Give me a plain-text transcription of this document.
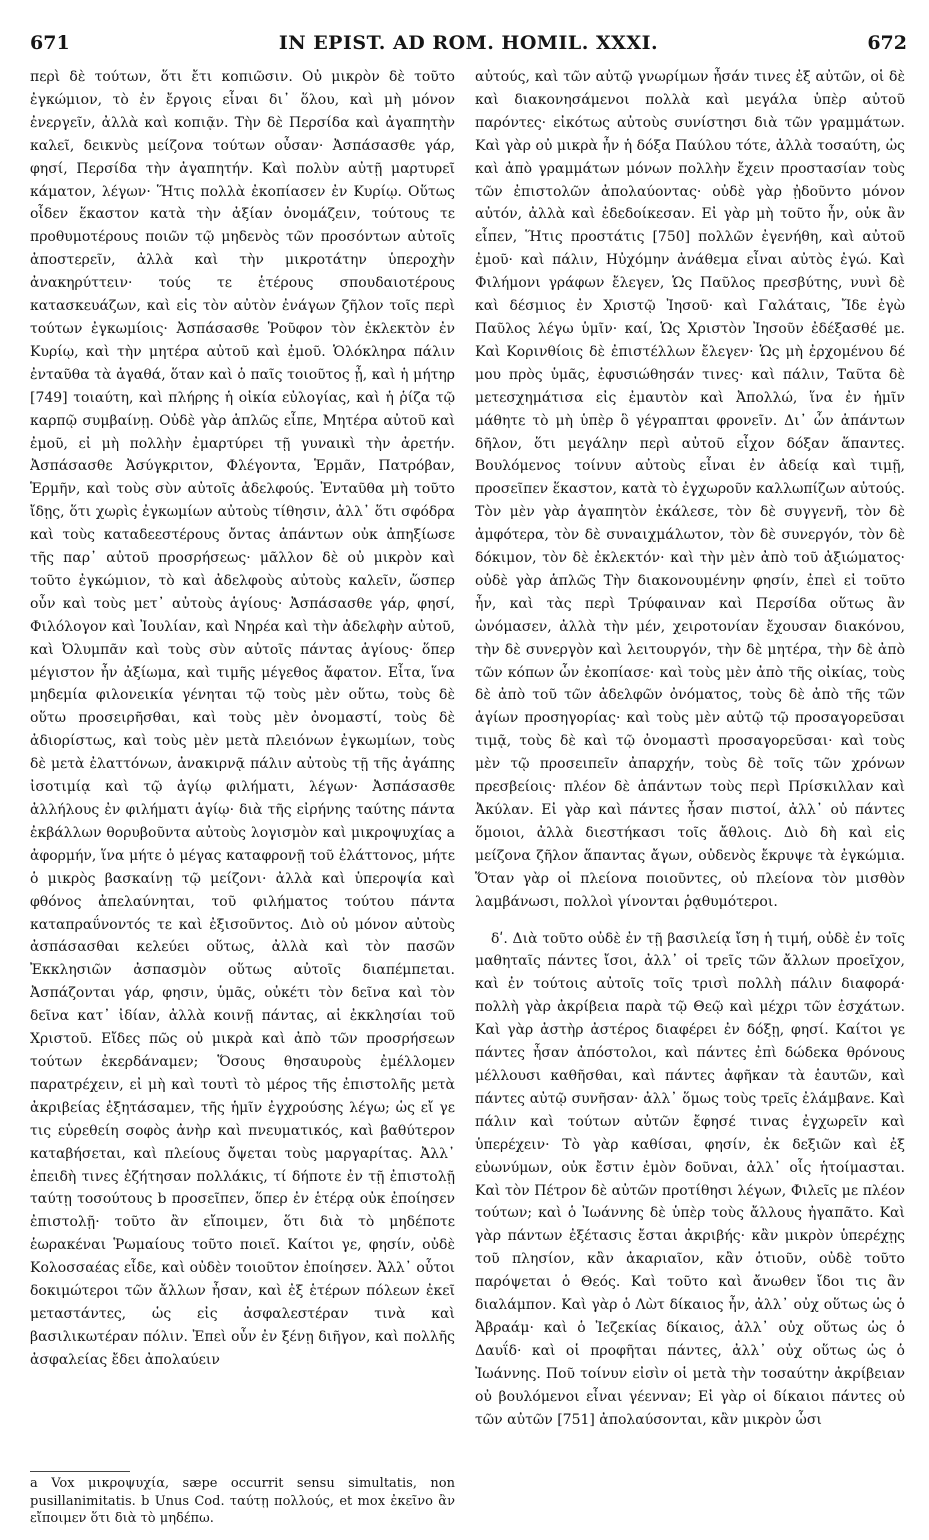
671	IN EPIST. AD ROM. HOMIL. XXXI.	672

περὶ δὲ τούτων, ὅτι ἔτι κοπιῶσιν. Οὐ μικρὸν δὲ τοῦτο ἐγκώμιον, τὸ ἐν ἔργοις εἶναι δι᾽ ὅλου, καὶ μὴ μόνον ἐνεργεῖν, ἀλλὰ καὶ κοπιᾷν. Τὴν δὲ Περσίδα καὶ ἀγαπητὴν καλεῖ, δεικνὺς μείζονα τούτων οὖσαν· Ἀσπάσασθε γάρ, φησί, Περσίδα τὴν ἀγαπητήν. Καὶ πολὺν αὐτῇ μαρτυρεῖ κάματον, λέγων· Ἥτις πολλὰ ἐκοπίασεν ἐν Κυρίῳ. Οὕτως οἶδεν ἕκαστον κατὰ τὴν ἀξίαν ὀνομάζειν, τούτους τε προθυμοτέρους ποιῶν τῷ μηδενὸς τῶν προσόντων αὐτοῖς ἀποστερεῖν, ἀλλὰ καὶ τὴν μικροτάτην ὑπεροχὴν ἀνακηρύττειν· τούς τε ἑτέρους σπουδαιοτέρους κατασκευάζων, καὶ εἰς τὸν αὐτὸν ἐνάγων ζῆλον τοῖς περὶ τούτων ἐγκωμίοις· Ἀσπάσασθε Ῥοῦφον τὸν ἐκλεκτὸν ἐν Κυρίῳ, καὶ τὴν μητέρα αὐτοῦ καὶ ἐμοῦ. Ὁλόκληρα πάλιν ἐνταῦθα τὰ ἀγαθά, ὅταν καὶ ὁ παῖς τοιοῦτος ᾖ, καὶ ἡ μήτηρ [749] τοιαύτη, καὶ πλήρης ἡ οἰκία εὐλογίας, καὶ ἡ ῥίζα τῷ καρπῷ συμβαίνῃ. Οὐδὲ γὰρ ἁπλῶς εἶπε, Μητέρα αὐτοῦ καὶ ἐμοῦ, εἰ μὴ πολλὴν ἐμαρτύρει τῇ γυναικὶ τὴν ἀρετήν. Ἀσπάσασθε Ἀσύγκριτον, Φλέγοντα, Ἑρμᾶν, Πατρόβαν, Ἑρμῆν, καὶ τοὺς σὺν αὐτοῖς ἀδελφούς. Ἐνταῦθα μὴ τοῦτο ἴδῃς, ὅτι χωρὶς ἐγκωμίων αὐτοὺς τίθησιν, ἀλλ᾽ ὅτι σφόδρα καὶ τοὺς καταδεεστέρους ὄντας ἁπάντων οὐκ ἀπηξίωσε τῆς παρ᾽ αὐτοῦ προσρήσεως· μᾶλλον δὲ οὐ μικρὸν καὶ τοῦτο ἐγκώμιον, τὸ καὶ ἀδελφοὺς αὐτοὺς καλεῖν, ὥσπερ οὖν καὶ τοὺς μετ᾽ αὐτοὺς ἁγίους· Ἀσπάσασθε γάρ, φησί, Φιλόλογον καὶ Ἰουλίαν, καὶ Νηρέα καὶ τὴν ἀδελφὴν αὐτοῦ, καὶ Ὀλυμπᾶν καὶ τοὺς σὺν αὐτοῖς πάντας ἁγίους· ὅπερ μέγιστον ἦν ἀξίωμα, καὶ τιμῆς μέγεθος ἄφατον. Εἶτα, ἵνα μηδεμία φιλονεικία γένηται τῷ τοὺς μὲν οὕτω, τοὺς δὲ οὕτω προσειρῆσθαι, καὶ τοὺς μὲν ὀνομαστί, τοὺς δὲ ἀδιορίστως, καὶ τοὺς μὲν μετὰ πλειόνων ἐγκωμίων, τοὺς δὲ μετὰ ἐλαττόνων, ἀνακιρνᾷ πάλιν αὐτοὺς τῇ τῆς ἀγάπης ἰσοτιμίᾳ καὶ τῷ ἁγίῳ φιλήματι, λέγων· Ἀσπάσασθε ἀλλήλους ἐν φιλήματι ἁγίῳ· διὰ τῆς εἰρήνης ταύτης πάντα ἐκβάλλων θορυβοῦντα αὐτοὺς λογισμὸν καὶ μικροψυχίας a ἀφορμήν, ἵνα μήτε ὁ μέγας καταφρονῇ τοῦ ἐλάττονος, μήτε ὁ μικρὸς βασκαίνῃ τῷ μείζονι· ἀλλὰ καὶ ὑπεροψία καὶ φθόνος ἀπελαύνηται, τοῦ φιλήματος τούτου πάντα καταπραΰνοντός τε καὶ ἐξισοῦντος. Διὸ οὐ μόνον αὐτοὺς ἀσπάσασθαι κελεύει οὕτως, ἀλλὰ καὶ τὸν πασῶν Ἐκκλησιῶν ἀσπασμὸν οὕτως αὐτοῖς διαπέμπεται. Ἀσπάζονται γάρ, φησιν, ὑμᾶς, οὐκέτι τὸν δεῖνα καὶ τὸν δεῖνα κατ᾽ ἰδίαν, ἀλλὰ κοινῇ πάντας, αἱ ἐκκλησίαι τοῦ Χριστοῦ. Εἴδες πῶς οὐ μικρὰ καὶ ἀπὸ τῶν προσρήσεων τούτων ἐκερδάναμεν; Ὅσους θησαυροὺς ἐμέλλομεν παρατρέχειν, εἰ μὴ καὶ τουτὶ τὸ μέρος τῆς ἐπιστολῆς μετὰ ἀκριβείας ἐξητάσαμεν, τῆς ἡμῖν ἐγχρούσης λέγω; ὡς εἴ γε τις εὑρεθείη σοφὸς ἀνὴρ καὶ πνευματικός, καὶ βαθύτερον καταβήσεται, καὶ πλείους ὄψεται τοὺς μαργαρίτας. Ἀλλ᾽ ἐπειδὴ τινες ἐζήτησαν πολλάκις, τί δήποτε ἐν τῇ ἐπιστολῇ ταύτῃ τοσούτους b προσεῖπεν, ὅπερ ἐν ἑτέρᾳ οὐκ ἐποίησεν ἐπιστολῇ· τοῦτο ἂν εἴποιμεν, ὅτι διὰ τὸ μηδέποτε ἑωρακέναι Ῥωμαίους τοῦτο ποιεῖ. Καίτοι γε, φησίν, οὐδὲ Κολοσσαέας εἶδε, καὶ οὐδὲν τοιοῦτον ἐποίησεν. Ἀλλ᾽ οὗτοι δοκιμώτεροι τῶν ἄλλων ἦσαν, καὶ ἐξ ἑτέρων πόλεων ἐκεῖ μεταστάντες, ὡς εἰς ἀσφαλεστέραν τινὰ καὶ βασιλικωτέραν πόλιν. Ἐπεὶ οὖν ἐν ξένῃ διῆγον, καὶ πολλῆς ἀσφαλείας ἔδει ἀπολαύειν

αὐτούς, καὶ τῶν αὐτῷ γνωρίμων ἦσάν τινες ἐξ αὐτῶν, οἱ δὲ καὶ διακονησάμενοι πολλὰ καὶ μεγάλα ὑπὲρ αὐτοῦ παρόντες· εἰκότως αὐτοὺς συνίστησι διὰ τῶν γραμμάτων. Καὶ γὰρ οὐ μικρὰ ἦν ἡ δόξα Παύλου τότε, ἀλλὰ τοσαύτη, ὡς καὶ ἀπὸ γραμμάτων μόνων πολλὴν ἔχειν προστασίαν τοὺς τῶν ἐπιστολῶν ἀπολαύοντας· οὐδὲ γὰρ ᾐδοῦντο μόνον αὐτόν, ἀλλὰ καὶ ἐδεδοίκεσαν. Εἰ γὰρ μὴ τοῦτο ἦν, οὐκ ἂν εἶπεν, Ἥτις προστάτις [750] πολλῶν ἐγενήθη, καὶ αὐτοῦ ἐμοῦ· καὶ πάλιν, Ηὐχόμην ἀνάθεμα εἶναι αὐτὸς ἐγώ. Καὶ Φιλήμονι γράφων ἔλεγεν, Ὡς Παῦλος πρεσβύτης, νυνὶ δὲ καὶ δέσμιος ἐν Χριστῷ Ἰησοῦ· καὶ Γαλάταις, Ἴδε ἐγὼ Παῦλος λέγω ὑμῖν· καί, Ὡς Χριστὸν Ἰησοῦν ἐδέξασθέ με. Καὶ Κορινθίοις δὲ ἐπιστέλλων ἔλεγεν· Ὡς μὴ ἐρχομένου δέ μου πρὸς ὑμᾶς, ἐφυσιώθησάν τινες· καὶ πάλιν, Ταῦτα δὲ μετεσχημάτισα εἰς ἐμαυτὸν καὶ Ἀπολλώ, ἵνα ἐν ἡμῖν μάθητε τὸ μὴ ὑπὲρ ὃ γέγραπται φρονεῖν. Δι᾽ ὧν ἁπάντων δῆλον, ὅτι μεγάλην περὶ αὐτοῦ εἶχον δόξαν ἅπαντες. Βουλόμενος τοίνυν αὐτοὺς εἶναι ἐν ἀδείᾳ καὶ τιμῇ, προσεῖπεν ἕκαστον, κατὰ τὸ ἐγχωροῦν καλλωπίζων αὐτούς. Τὸν μὲν γὰρ ἀγαπητὸν ἐκάλεσε, τὸν δὲ συγγενῆ, τὸν δὲ ἀμφότερα, τὸν δὲ συναιχμάλωτον, τὸν δὲ συνεργόν, τὸν δὲ δόκιμον, τὸν δὲ ἐκλεκτόν· καὶ τὴν μὲν ἀπὸ τοῦ ἀξιώματος· οὐδὲ γὰρ ἁπλῶς Τὴν διακονουμένην φησίν, ἐπεὶ εἰ τοῦτο ἦν, καὶ τὰς περὶ Τρύφαιναν καὶ Περσίδα οὕτως ἂν ὠνόμασεν, ἀλλὰ τὴν μέν, χειροτονίαν ἔχουσαν διακόνου, τὴν δὲ συνεργὸν καὶ λειτουργόν, τὴν δὲ μητέρα, τὴν δὲ ἀπὸ τῶν κόπων ὧν ἐκοπίασε· καὶ τοὺς μὲν ἀπὸ τῆς οἰκίας, τοὺς δὲ ἀπὸ τοῦ τῶν ἀδελφῶν ὀνόματος, τοὺς δὲ ἀπὸ τῆς τῶν ἁγίων προσηγορίας· καὶ τοὺς μὲν αὐτῷ τῷ προσαγορεῦσαι τιμᾷ, τοὺς δὲ καὶ τῷ ὀνομαστὶ προσαγορεῦσαι· καὶ τοὺς μὲν τῷ προσειπεῖν ἀπαρχήν, τοὺς δὲ τοῖς τῶν χρόνων πρεσβείοις· πλέον δὲ ἁπάντων τοὺς περὶ Πρίσκιλλαν καὶ Ἀκύλαν. Εἰ γὰρ καὶ πάντες ἦσαν πιστοί, ἀλλ᾽ οὐ πάντες ὅμοιοι, ἀλλὰ διεστήκασι τοῖς ἄθλοις. Διὸ δὴ καὶ εἰς μείζονα ζῆλον ἅπαντας ἄγων, οὐδενὸς ἔκρυψε τὰ ἐγκώμια. Ὅταν γὰρ οἱ πλείονα ποιοῦντες, οὐ πλείονα τὸν μισθὸν λαμβάνωσι, πολλοὶ γίνονται ῥᾳθυμότεροι.

δʹ. Διὰ τοῦτο οὐδὲ ἐν τῇ βασιλείᾳ ἴση ἡ τιμή, οὐδὲ ἐν τοῖς μαθηταῖς πάντες ἴσοι, ἀλλ᾽ οἱ τρεῖς τῶν ἄλλων προεῖχον, καὶ ἐν τούτοις αὐτοῖς τοῖς τρισὶ πολλὴ πάλιν διαφορά· πολλὴ γὰρ ἀκρίβεια παρὰ τῷ Θεῷ καὶ μέχρι τῶν ἐσχάτων. Καὶ γὰρ ἀστὴρ ἀστέρος διαφέρει ἐν δόξῃ, φησί. Καίτοι γε πάντες ἦσαν ἀπόστολοι, καὶ πάντες ἐπὶ δώδεκα θρόνους μέλλουσι καθῆσθαι, καὶ πάντες ἀφῆκαν τὰ ἑαυτῶν, καὶ πάντες αὐτῷ συνῆσαν· ἀλλ᾽ ὅμως τοὺς τρεῖς ἐλάμβανε. Καὶ πάλιν καὶ τούτων αὐτῶν ἔφησέ τινας ἐγχωρεῖν καὶ ὑπερέχειν· Τὸ γὰρ καθίσαι, φησίν, ἐκ δεξιῶν καὶ ἐξ εὐωνύμων, οὐκ ἔστιν ἐμὸν δοῦναι, ἀλλ᾽ οἷς ἡτοίμασται. Καὶ τὸν Πέτρον δὲ αὐτῶν προτίθησι λέγων, Φιλεῖς με πλέον τούτων; καὶ ὁ Ἰωάννης δὲ ὑπὲρ τοὺς ἄλλους ἠγαπᾶτο. Καὶ γὰρ πάντων ἐξέτασις ἔσται ἀκριβής· κἂν μικρὸν ὑπερέχῃς τοῦ πλησίον, κἂν ἀκαριαῖον, κἂν ὁτιοῦν, οὐδὲ τοῦτο παρόψεται ὁ Θεός. Καὶ τοῦτο καὶ ἄνωθεν ἴδοι τις ἂν διαλάμπον. Καὶ γὰρ ὁ Λὼτ δίκαιος ἦν, ἀλλ᾽ οὐχ οὕτως ὡς ὁ Ἀβραάμ· καὶ ὁ Ἰεζεκίας δίκαιος, ἀλλ᾽ οὐχ οὕτως ὡς ὁ Δαυΐδ· καὶ οἱ προφῆται πάντες, ἀλλ᾽ οὐχ οὕτως ὡς ὁ Ἰωάννης. Ποῦ τοίνυν εἰσὶν οἱ μετὰ τὴν τοσαύτην ἀκρίβειαν οὐ βουλόμενοι εἶναι γέενναν; Εἰ γὰρ οἱ δίκαιοι πάντες οὐ τῶν αὐτῶν [751] ἀπολαύσονται, κἂν μικρὸν ὦσι

a Vox μικροψυχία, sæpe occurrit sensu simultatis, non pusillanimitatis. b Unus Cod. ταύτῃ πολλούς, et mox ἐκεῖνο ἂν εἴποιμεν ὅτι διὰ τὸ μηδέπω.
